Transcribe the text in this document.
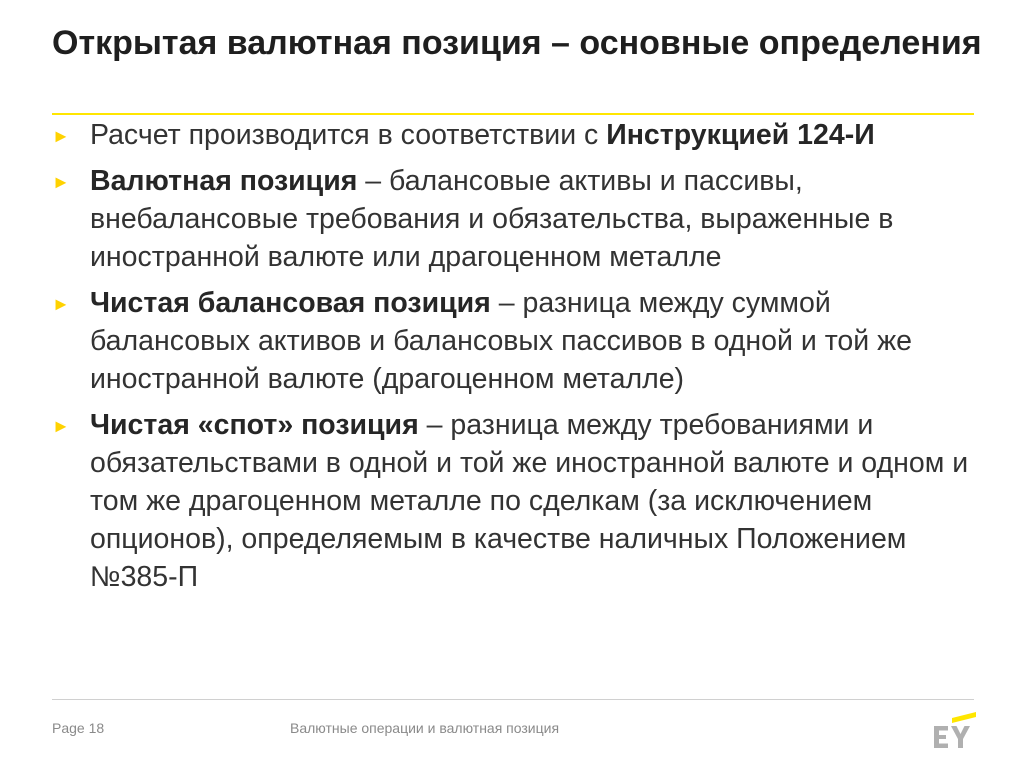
Открытая валютная позиция – основные определения
► Расчет производится в соответствии с Инструкцией 124-И
► Валютная позиция – балансовые активы и пассивы, внебалансовые требования и обязательства, выраженные в иностранной валюте или драгоценном металле
► Чистая балансовая позиция – разница между суммой балансовых активов и балансовых пассивов в одной и той же иностранной валюте (драгоценном металле)
► Чистая «спот» позиция – разница между требованиями и обязательствами в одной и той же иностранной валюте и одном и том же драгоценном металле по сделкам (за исключением опционов), определяемым в качестве наличных Положением №385-П
Page 18	Валютные операции и валютная позиция
